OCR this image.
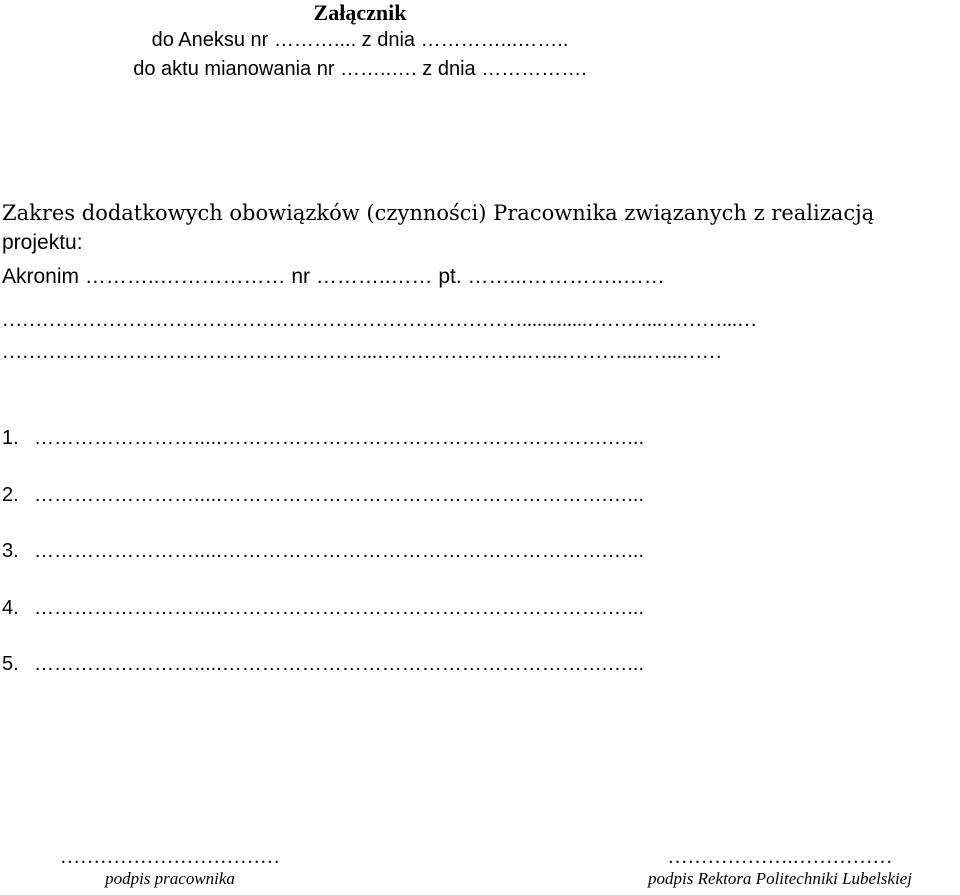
Załącznik
do Aneksu nr ……….... z dnia …………...……..
do aktu mianowania nr ……..…. z dnia …………….
Zakres dodatkowych obowiązków (czynności) Pracownika związanych z realizacją
projektu:
Akronim ………..……………… nr ………..…… pt. ……...…………..……
…………………………………………………………………….............………...………...…
………………………………………………...…………………..…...……….....…...……
1. …………………….....………………………………………………….…...
2. …………………….....………………………………………………….…...
3. …………………….....………………………………………………….…...
4. …………………….....………………………………………………….…...
5. …………………….....………………………………………………….…...
……………………………
podpis pracownika
……………….……………
podpis Rektora Politechniki Lubelskiej
